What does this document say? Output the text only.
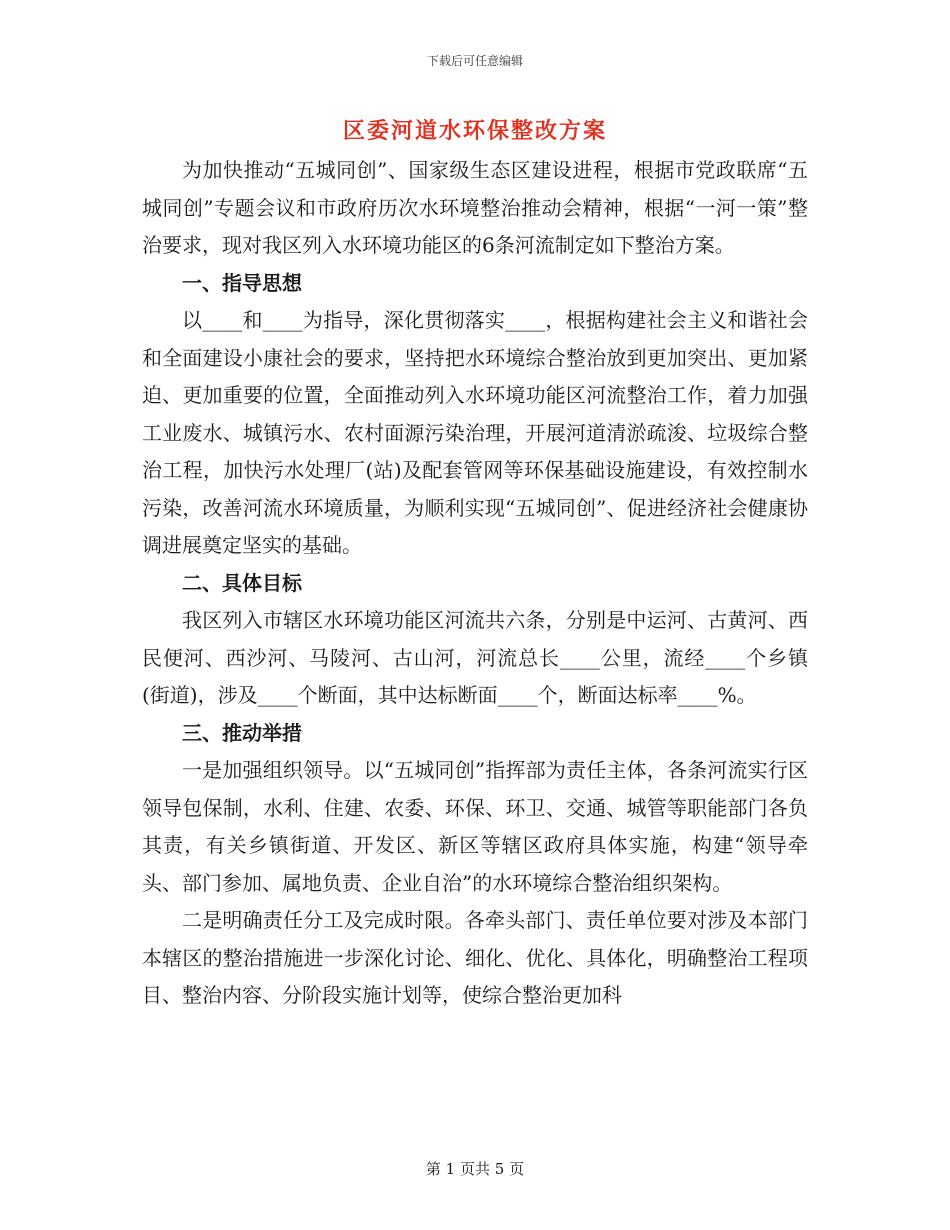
下载后可任意编辑
区委河道水环保整改方案

为加快推动“五城同创”、国家级生态区建设进程，根据市党政联席“五城同创”专题会议和市政府历次水环境整治推动会精神，根据“一河一策”整治要求，现对我区列入水环境功能区的6条河流制定如下整治方案。

一、指导思想

以____和____为指导，深化贯彻落实____，根据构建社会主义和谐社会和全面建设小康社会的要求，坚持把水环境综合整治放到更加突出、更加紧迫、更加重要的位置，全面推动列入水环境功能区河流整治工作，着力加强工业废水、城镇污水、农村面源污染治理，开展河道清淤疏浚、垃圾综合整治工程，加快污水处理厂(站)及配套管网等环保基础设施建设，有效控制水污染，改善河流水环境质量，为顺利实现“五城同创”、促进经济社会健康协调进展奠定坚实的基础。

二、具体目标

我区列入市辖区水环境功能区河流共六条，分别是中运河、古黄河、西民便河、西沙河、马陵河、古山河，河流总长____公里，流经____个乡镇(街道)，涉及____个断面，其中达标断面____个，断面达标率____%。

三、推动举措

一是加强组织领导。以“五城同创”指挥部为责任主体，各条河流实行区领导包保制，水利、住建、农委、环保、环卫、交通、城管等职能部门各负其责，有关乡镇街道、开发区、新区等辖区政府具体实施，构建“领导牵头、部门参加、属地负责、企业自治”的水环境综合整治组织架构。

二是明确责任分工及完成时限。各牵头部门、责任单位要对涉及本部门本辖区的整治措施进一步深化讨论、细化、优化、具体化，明确整治工程项目、整治内容、分阶段实施计划等，使综合整治更加科

第 1 页共 5 页
